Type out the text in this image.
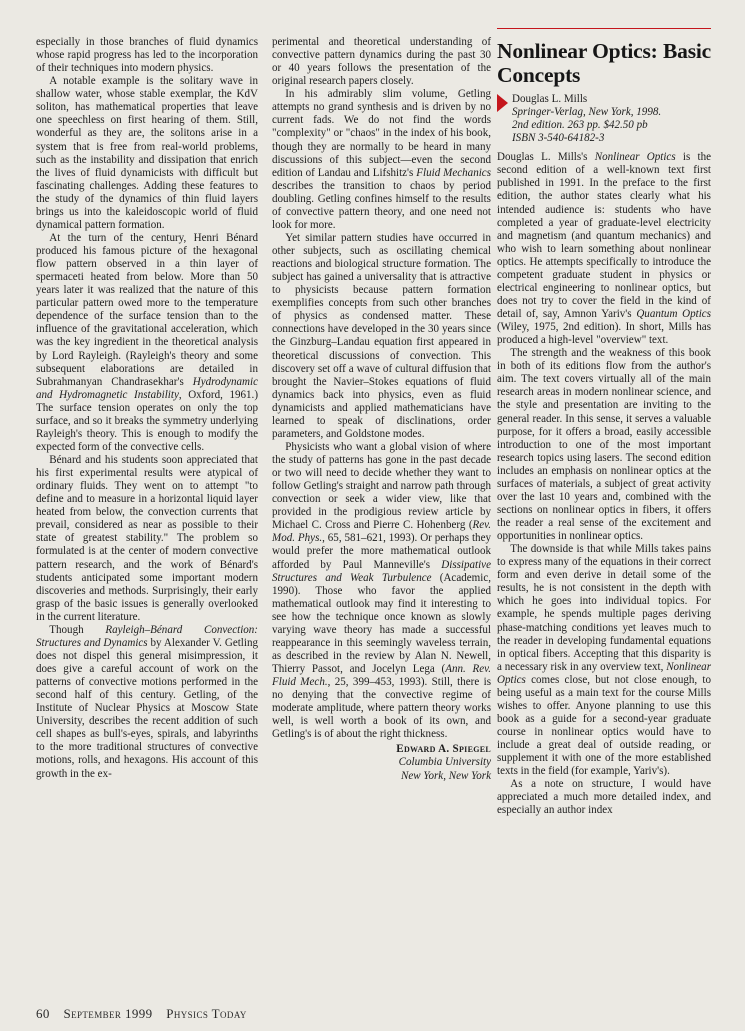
especially in those branches of fluid dynamics whose rapid progress has led to the incorporation of their techniques into modern physics.

A notable example is the solitary wave in shallow water, whose stable exemplar, the KdV soliton, has mathematical properties that leave one speechless on first hearing of them. Still, wonderful as they are, the solitons arise in a system that is free from real-world problems, such as the instability and dissipation that enrich the lives of fluid dynamicists with difficult but fascinating challenges. Adding these features to the study of the dynamics of thin fluid layers brings us into the kaleidoscopic world of fluid dynamical pattern formation.

At the turn of the century, Henri Bénard produced his famous picture of the hexagonal flow pattern observed in a thin layer of spermaceti heated from below. More than 50 years later it was realized that the nature of this particular pattern owed more to the temperature dependence of the surface tension than to the influence of the gravitational acceleration, which was the key ingredient in the theoretical analysis by Lord Rayleigh. (Rayleigh's theory and some subsequent elaborations are detailed in Subrahmanyan Chandrasekhar's Hydrodynamic and Hydromagnetic Instability, Oxford, 1961.) The surface tension operates on only the top surface, and so it breaks the symmetry underlying Rayleigh's theory. This is enough to modify the expected form of the convective cells.

Bénard and his students soon appreciated that his first experimental results were atypical of ordinary fluids. They went on to attempt "to define and to measure in a horizontal liquid layer heated from below, the convection currents that prevail, considered as near as possible to their state of greatest stability." The problem so formulated is at the center of modern convective pattern research, and the work of Bénard's students anticipated some important modern discoveries and methods. Surprisingly, their early grasp of the basic issues is generally overlooked in the current literature.

Though Rayleigh–Bénard Convection: Structures and Dynamics by Alexander V. Getling does not dispel this general misimpression, it does give a careful account of work on the patterns of convective motions performed in the second half of this century. Getling, of the Institute of Nuclear Physics at Moscow State University, describes the recent addition of such cell shapes as bull's-eyes, spirals, and labyrinths to the more traditional structures of convective motions, rolls, and hexagons. His account of this growth in the ex-

perimental and theoretical understanding of convective pattern dynamics during the past 30 or 40 years follows the presentation of the original research papers closely.

In his admirably slim volume, Getling attempts no grand synthesis and is driven by no current fads. We do not find the words "complexity" or "chaos" in the index of his book, though they are normally to be heard in many discussions of this subject—even the second edition of Landau and Lifshitz's Fluid Mechanics describes the transition to chaos by period doubling. Getling confines himself to the results of convective pattern theory, and one need not look for more.

Yet similar pattern studies have occurred in other subjects, such as oscillating chemical reactions and biological structure formation. The subject has gained a universality that is attractive to physicists because pattern formation exemplifies concepts from such other branches of physics as condensed matter. These connections have developed in the 30 years since the Ginzburg–Landau equation first appeared in theoretical discussions of convection. This discovery set off a wave of cultural diffusion that brought the Navier–Stokes equations of fluid dynamics back into physics, even as fluid dynamicists and applied mathematicians have learned to speak of disclinations, order parameters, and Goldstone modes.

Physicists who want a global vision of where the study of patterns has gone in the past decade or two will need to decide whether they want to follow Getling's straight and narrow path through convection or seek a wider view, like that provided in the prodigious review article by Michael C. Cross and Pierre C. Hohenberg (Rev. Mod. Phys., 65, 581–621, 1993). Or perhaps they would prefer the more mathematical outlook afforded by Paul Manneville's Dissipative Structures and Weak Turbulence (Academic, 1990). Those who favor the applied mathematical outlook may find it interesting to see how the technique once known as slowly varying wave theory has made a successful reappearance in this seemingly waveless terrain, as described in the review by Alan N. Newell, Thierry Passot, and Jocelyn Lega (Ann. Rev. Fluid Mech., 25, 399–453, 1993). Still, there is no denying that the convective regime of moderate amplitude, where pattern theory works well, is well worth a book of its own, and Getling's is of about the right thickness.

Edward A. Spiegel
Columbia University
New York, New York
Nonlinear Optics: Basic Concepts
Douglas L. Mills
Springer-Verlag, New York, 1998.
2nd edition. 263 pp. $42.50 pb
ISBN 3-540-64182-3

Douglas L. Mills's Nonlinear Optics is the second edition of a well-known text first published in 1991. In the preface to the first edition, the author states clearly what his intended audience is: students who have completed a year of graduate-level electricity and magnetism (and quantum mechanics) and who wish to learn something about nonlinear optics. He attempts specifically to introduce the competent graduate student in physics or electrical engineering to nonlinear optics, but does not try to cover the field in the kind of detail of, say, Amnon Yariv's Quantum Optics (Wiley, 1975, 2nd edition). In short, Mills has produced a high-level "overview" text.

The strength and the weakness of this book in both of its editions flow from the author's aim. The text covers virtually all of the main research areas in modern nonlinear science, and the style and presentation are inviting to the general reader. In this sense, it serves a valuable purpose, for it offers a broad, easily accessible introduction to one of the most important research topics using lasers. The second edition includes an emphasis on nonlinear optics at the surfaces of materials, a subject of great activity over the last 10 years and, combined with the sections on nonlinear optics in fibers, it offers the reader a real sense of the excitement and opportunities in nonlinear optics.

The downside is that while Mills takes pains to express many of the equations in their correct form and even derive in detail some of the results, he is not consistent in the depth with which he goes into individual topics. For example, he spends multiple pages deriving phase-matching conditions yet leaves much to the reader in developing fundamental equations in optical fibers. Accepting that this disparity is a necessary risk in any overview text, Nonlinear Optics comes close, but not close enough, to being useful as a main text for the course Mills wishes to offer. Anyone planning to use this book as a guide for a second-year graduate course in nonlinear optics would have to include a great deal of outside reading, or supplement it with one of the more established texts in the field (for example, Yariv's).

As a note on structure, I would have appreciated a much more detailed index, and especially an author index

60 September 1999 Physics Today
